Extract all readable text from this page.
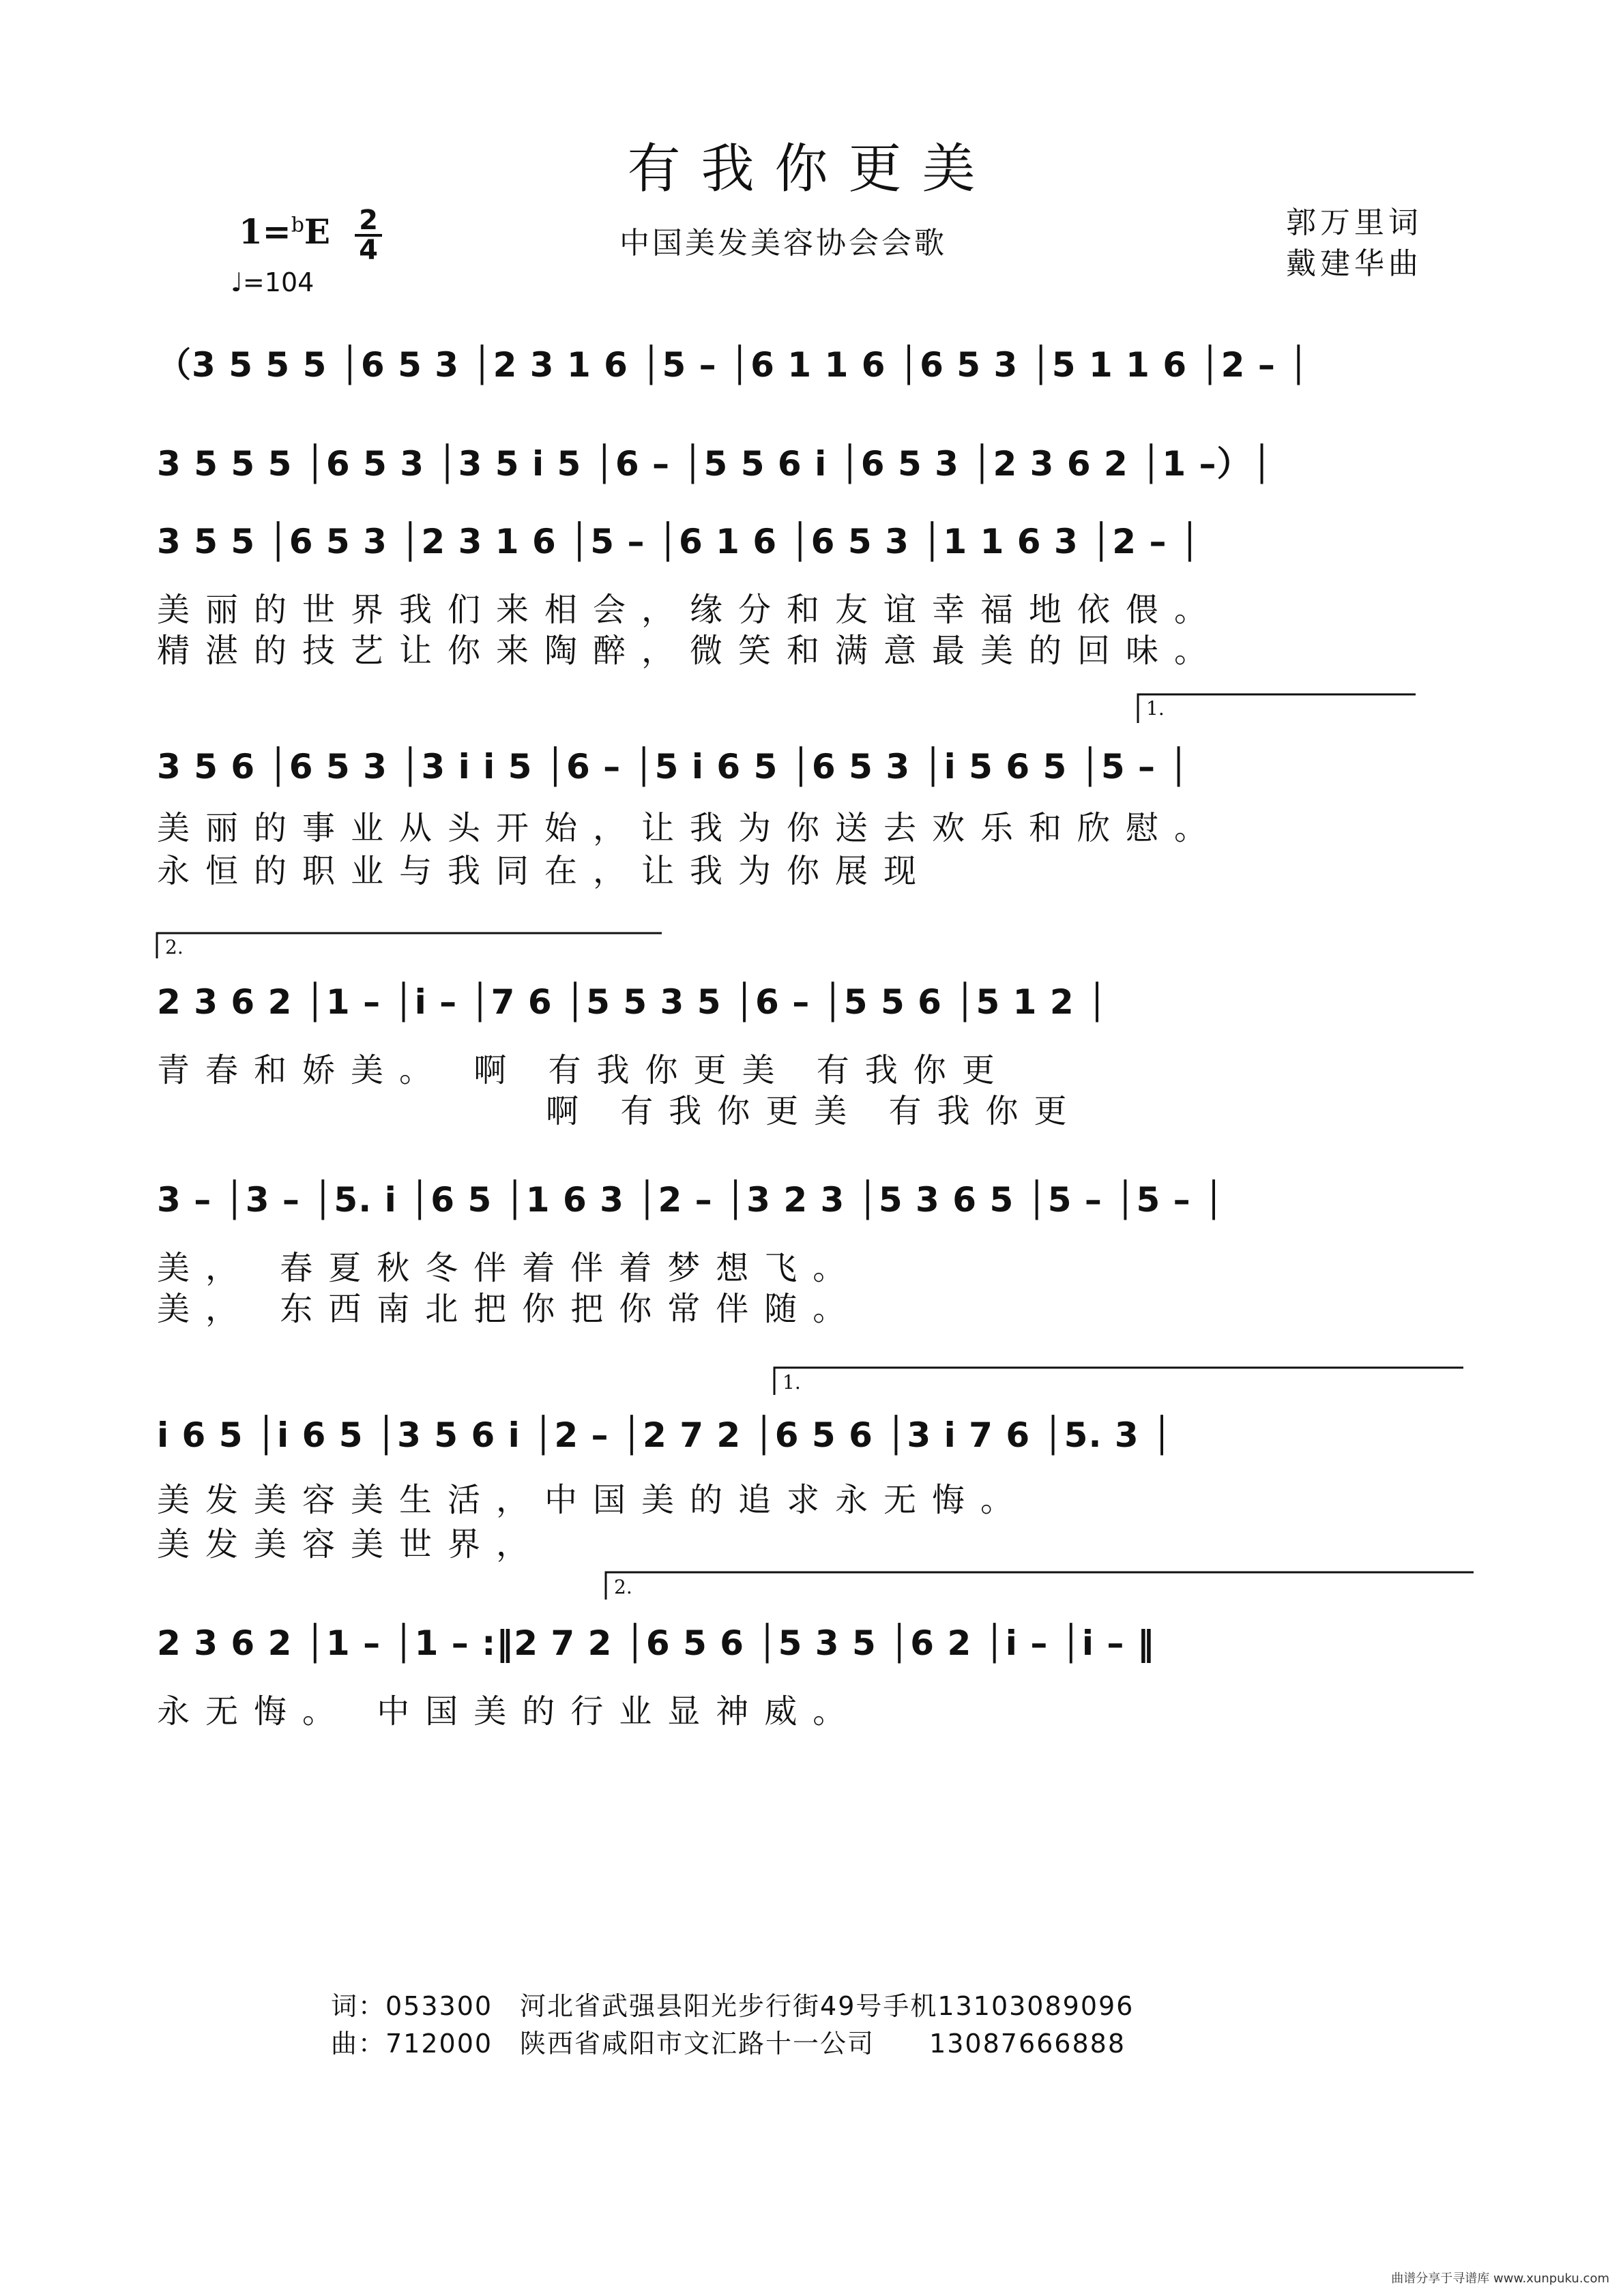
有我你更美
1=$^b$E 2
4
♩=104
中国美发美容协会会歌
郭万里词
戴建华曲
（3 5 5 5 │6 5 3 │2 3 1 6 │5 – │6 1 1 6 │6 5 3 │5 1 1 6 │2 – │
3 5 5 5 │6 5 3 │3 5 i 5 │6 – │5 5 6 i │6 5 3 │2 3 6 2 │1 –）│
3 5 5 │6 5 3 │2 3 1 6 │5 – │6 1 6 │6 5 3 │1 1 6 3 │2 – │
美丽的世界我们来相会，缘分和友谊幸福地依偎。
精湛的技艺让你来陶醉，微笑和满意最美的回味。
3 5 6 │6 5 3 │3 i i 5 │6 – │5 i 6 5 │6 5 3 │i 5 6 5 │5 – │
美丽的事业从头开始，让我为你送去欢乐和欣慰。
永恒的职业与我同在，让我为你展现
2 3 6 2 │1 – │i – │7 6 │5 5 3 5 │6 – │5 5 6 │5 1 2 │
青春和娇美。 啊 有我你更美 有我你更
啊 有我你更美 有我你更
3 – │3 – │5. i │6 5 │1 6 3 │2 – │3 2 3 │5 3 6 5 │5 – │5 – │
美， 春夏秋冬伴着伴着梦想飞。
美， 东西南北把你把你常伴随。
i 6 5 │i 6 5 │3 5 6 i │2 – │2 7 2 │6 5 6 │3 i 7 6 │5. 3 │
美发美容美生活，中国美的追求永无悔。
美发美容美世界，
2 3 6 2 │1 – │1 – :‖2 7 2 │6 5 6 │5 3 5 │6 2 │i – │i – ‖
永无悔。 中国美的行业显神威。
1.
2.
1.
2.
词：053300　河北省武强县阳光步行街49号手机13103089096
曲：712000　陕西省咸阳市文汇路十一公司　　13087666888
曲谱分享于寻谱库 www.xunpuku.com
